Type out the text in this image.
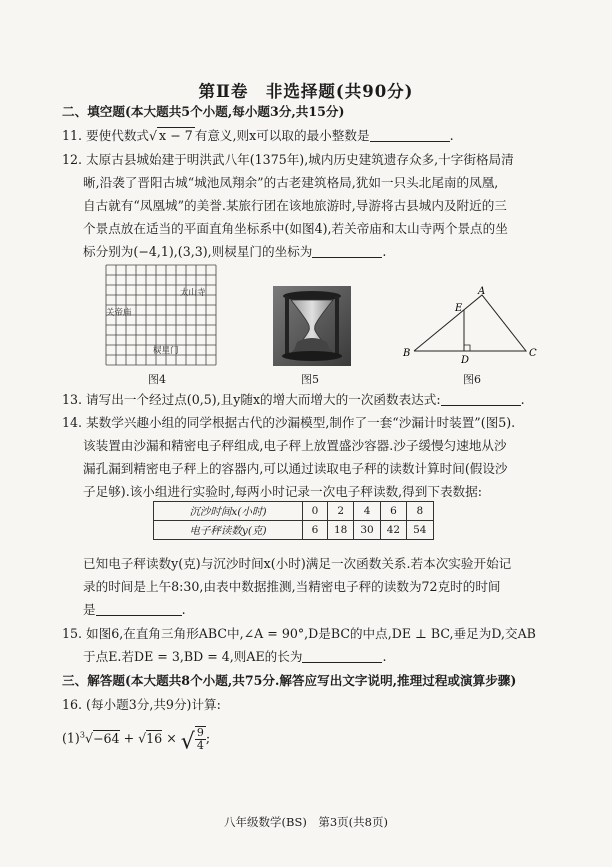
第Ⅱ卷　非选择题(共90分)
二、填空题(本大题共5个小题,每小题3分,共15分)
11. 要使代数式√ x − 7 有意义,则x可以取的最小整数是	.
12. 太原古县城始建于明洪武八年(1375年),城内历史建筑遗存众多,十字街格局清
晰,沿袭了晋阳古城“城池凤翔余”的古老建筑格局,犹如一只头北尾南的凤凰,
自古就有“凤凰城”的美誉.某旅行团在该地旅游时,导游将古县城内及附近的三
个景点放在适当的平面直角坐标系中(如图4),若关帝庙和太山寺两个景点的坐
标分别为(−4,1),(3,3),则棂星门的坐标为	.
太山寺
关帝庙
棂星门
图4	图5
A
B	C
D
E
图6
13. 请写出一个经过点(0,5),且y随x的增大而增大的一次函数表达式:	.
14. 某数学兴趣小组的同学根据古代的沙漏模型,制作了一套“沙漏计时装置”(图5).
该装置由沙漏和精密电子秤组成,电子秤上放置盛沙容器.沙子缓慢匀速地从沙
漏孔漏到精密电子秤上的容器内,可以通过读取电子秤的读数计算时间(假设沙
子足够).该小组进行实验时,每两小时记录一次电子秤读数,得到下表数据:
沉沙时间x(小时)	0	2	4	6	8
电子秤读数y(克)	6	18	30	42	54
已知电子秤读数y(克)与沉沙时间x(小时)满足一次函数关系.若本次实验开始记
录的时间是上午8:30,由表中数据推测,当精密电子秤的读数为72克时的时间
是	.
15. 如图6,在直角三角形ABC中,∠A = 90°,D是BC的中点,DE ⊥ BC,垂足为D,交AB
于点E.若DE = 3,BD = 4,则AE的长为	.
三、解答题(本大题共8个小题,共75分.解答应写出文字说明,推理过程或演算步骤)
16. (每小题3分,共9分)计算:
$(1)^3√-64 + √16$ × √ $\frac{9}{4}$ ;
八年级数学(BS)　第3页(共8页)
